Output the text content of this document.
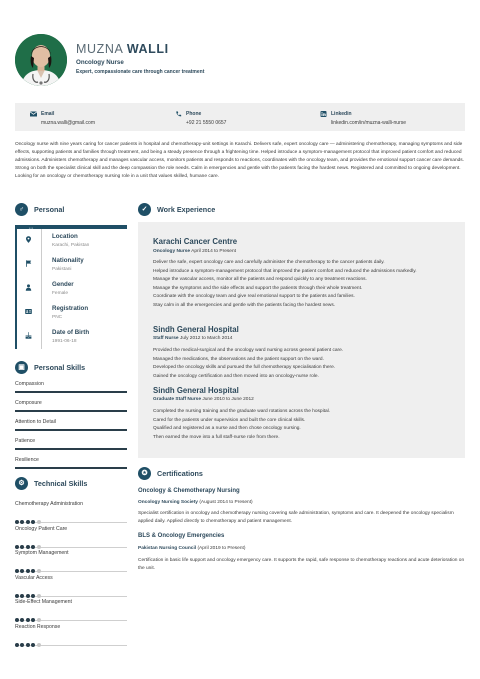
MUZNA WALLI
Oncology Nurse
Expert, compassionate care through cancer treatment
Email
muzna.walli@gmail.com
Phone
+92 21 5550 0657
Linkedin
linkedin.com/in/muzna-walli-nurse

Oncology nurse with nine years caring for cancer patients in hospital and chemotherapy-unit settings in Karachi. Delivers safe, expert oncology care — administering chemotherapy, managing symptoms and side effects, supporting patients and families through treatment, and being a steady presence through a frightening time. Helped introduce a symptom-management protocol that improved patient comfort and reduced admissions. Administers chemotherapy and manages vascular access, monitors patients and responds to reactions, coordinates with the oncology team, and provides the emotional support cancer care demands. Strong on both the specialist clinical skill and the deep compassion the role needs. Calm in emergencies and gentle with the patients facing the hardest news. Registered and committed to ongoing development. Looking for an oncology or chemotherapy nursing role in a unit that values skilled, humane care.

♂	Personal
•••
Location
Karachi, Pakistan
Nationality
Pakistani
Gender
Female
Registration
PNC
Date of Birth
1991-06-18
▣	Personal Skills
Compassion
Composure
Attention to Detail
Patience
Resilience
⚙	Technical Skills
Chemotherapy Administration
Oncology Patient Care
Symptom Management
Vascular Access
Side-Effect Management
Reaction Response
✓	Work Experience
Karachi Cancer Centre
Oncology Nurse April 2014 to Present
Deliver the safe, expert oncology care and carefully administer the chemotherapy to the cancer patients daily.
Helped introduce a symptom-management protocol that improved the patient comfort and reduced the admissions markedly.
Manage the vascular access, monitor all the patients and respond quickly to any treatment reactions.
Manage the symptoms and the side effects and support the patients through their whole treatment.
Coordinate with the oncology team and give real emotional support to the patients and families.
Stay calm in all the emergencies and gentle with the patients facing the hardest news.
Sindh General Hospital
Staff Nurse July 2012 to March 2014
Provided the medical-surgical and the oncology ward nursing across general patient care.
Managed the medications, the observations and the patient support on the ward.
Developed the oncology skills and pursued the full chemotherapy specialisation there.
Gained the oncology certification and then moved into an oncology-nurse role.
Sindh General Hospital
Graduate Staff Nurse June 2010 to June 2012
Completed the nursing training and the graduate ward rotations across the hospital.
Cared for the patients under supervision and built the core clinical skills.
Qualified and registered as a nurse and then chose oncology nursing.
Then earned the move into a full staff-nurse role from there.
✪	Certifications
Oncology & Chemotherapy Nursing
Oncology Nursing Society (August 2014 to Present)
Specialist certification in oncology and chemotherapy nursing covering safe administration, symptoms and care. It deepened the oncology specialism applied daily. Applied directly to chemotherapy and patient management.
BLS & Oncology Emergencies
Pakistan Nursing Council (April 2019 to Present)
Certification in basic life support and oncology emergency care. It supports the rapid, safe response to chemotherapy reactions and acute deterioration on the unit.
